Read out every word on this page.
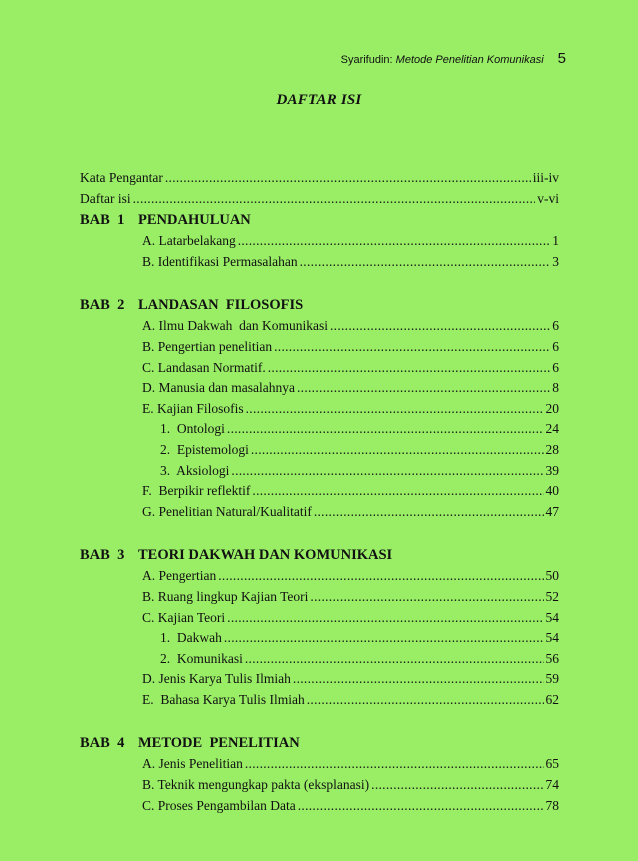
Syarifudin: Metode Penelitian Komunikasi 5
DAFTAR ISI
Kata Pengantar .....	iii-iv
Daftar isi .....	v-vi
BAB  1 PENDAHULUAN
A. Latarbelakang .....	1
B. Identifikasi Permasalahan .....	3
BAB  2 LANDASAN  FILOSOFIS
A. Ilmu Dakwah  dan Komunikasi .....	6
B. Pengertian penelitian .....	6
C. Landasan Normatif. .....	6
D. Manusia dan masalahnya .....	8
E. Kajian Filosofis .....	20
1.  Ontologi .....	24
2.  Epistemologi .....	28
3.  Aksiologi .....	39
F.  Berpikir reflektif .....	40
G. Penelitian Natural/Kualitatif .....	47
BAB  3 TEORI DAKWAH DAN KOMUNIKASI
A. Pengertian .....	50
B. Ruang lingkup Kajian Teori .....	52
C. Kajian Teori .....	54
1.  Dakwah .....	54
2.  Komunikasi .....	56
D. Jenis Karya Tulis Ilmiah .....	59
E.  Bahasa Karya Tulis Ilmiah .....	62
BAB  4 METODE  PENELITIAN
A. Jenis Penelitian .....	65
B. Teknik mengungkap pakta (eksplanasi) .....	74
C. Proses Pengambilan Data .....	78
